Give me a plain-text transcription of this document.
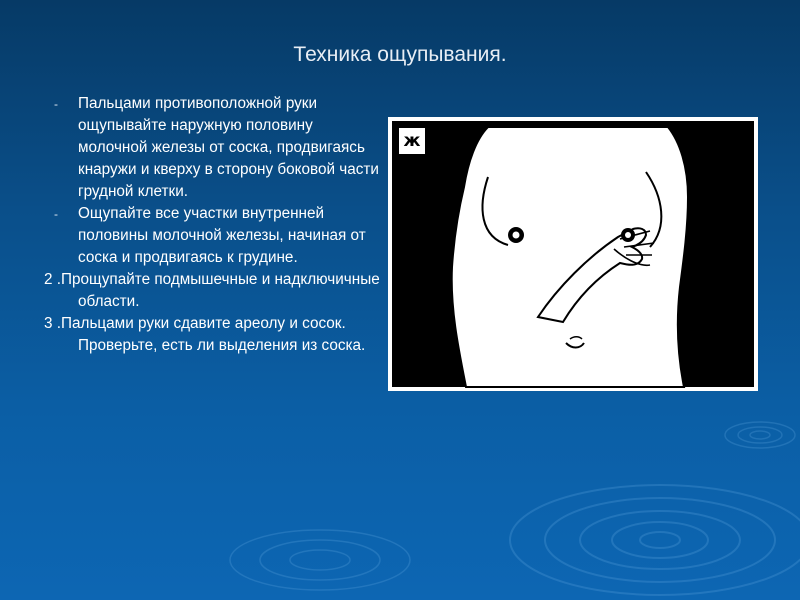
Техника ощупывания.
- Пальцами противоположной руки ощупывайте наружную половину молочной железы от соска, продвигаясь кнаружи и кверху в сторону боковой части грудной клетки.
- Ощупайте все участки внутренней половины молочной железы, начиная от соска и продвигаясь к грудине.
2 .Прощупайте подмышечные и надключичные области.
3 .Пальцами руки сдавите ареолу и сосок. Проверьте, есть ли выделения из соска.
ж
